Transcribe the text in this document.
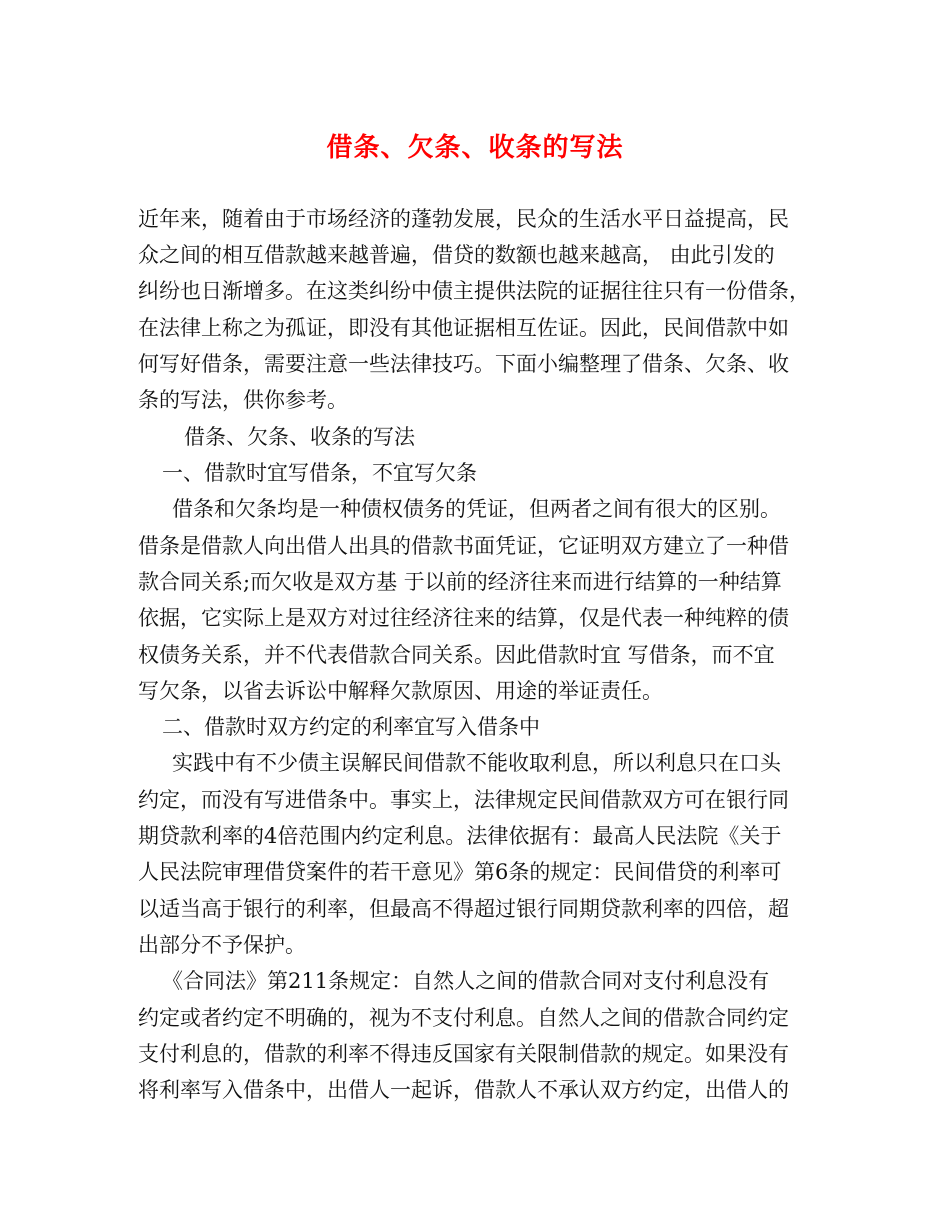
借条、欠条、收条的写法
近年来，随着由于市场经济的蓬勃发展，民众的生活水平日益提高，民
众之间的相互借款越来越普遍，借贷的数额也越来越高， 由此引发的
纠纷也日渐增多。在这类纠纷中债主提供法院的证据往往只有一份借条，
在法律上称之为孤证，即没有其他证据相互佐证。因此，民间借款中如
何写好借条，需要注意一些法律技巧。下面小编整理了借条、欠条、收
条的写法，供你参考。
借条、欠条、收条的写法
一、借款时宜写借条，不宜写欠条
借条和欠条均是一种债权债务的凭证，但两者之间有很大的区别。
借条是借款人向出借人出具的借款书面凭证，它证明双方建立了一种借
款合同关系;而欠收是双方基 于以前的经济往来而进行结算的一种结算
依据，它实际上是双方对过往经济往来的结算，仅是代表一种纯粹的债
权债务关系，并不代表借款合同关系。因此借款时宜 写借条，而不宜
写欠条，以省去诉讼中解释欠款原因、用途的举证责任。
二、借款时双方约定的利率宜写入借条中
实践中有不少债主误解民间借款不能收取利息，所以利息只在口头
约定，而没有写进借条中。事实上，法律规定民间借款双方可在银行同
期贷款利率的4倍范围内约定利息。法律依据有：最高人民法院《关于
人民法院审理借贷案件的若干意见》第6条的规定：民间借贷的利率可
以适当高于银行的利率，但最高不得超过银行同期贷款利率的四倍，超
出部分不予保护。
《合同法》第211条规定：自然人之间的借款合同对支付利息没有
约定或者约定不明确的，视为不支付利息。自然人之间的借款合同约定
支付利息的，借款的利率不得违反国家有关限制借款的规定。如果没有
将利率写入借条中，出借人一起诉，借款人不承认双方约定，出借人的
